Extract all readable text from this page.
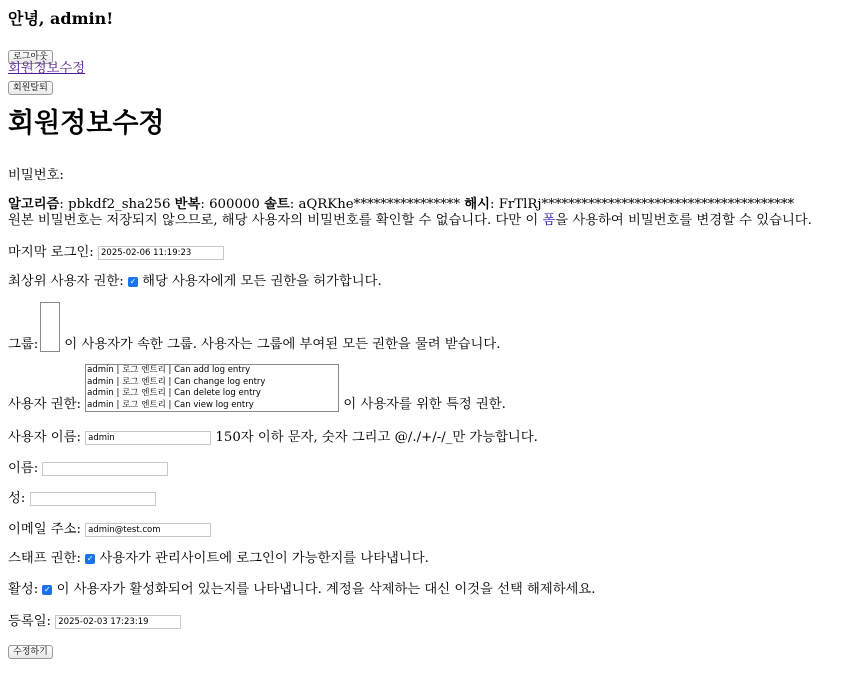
안녕, admin!
로그아웃
회원정보수정
회원탈퇴
회원정보수정
비밀번호:
알고리즘: pbkdf2_sha256 반복: 600000 솔트: aQRKhe**************** 해시: FrTlRj**************************************
원본 비밀번호는 저장되지 않으므로, 해당 사용자의 비밀번호를 확인할 수 없습니다. 다만 이 폼을 사용하여 비밀번호를 변경할 수 있습니다.
마지막 로그인: 2025-02-06 11:19:23
최상위 사용자 권한: ✓ 해당 사용자에게 모든 권한을 허가합니다.
그룹: 이 사용자가 속한 그룹. 사용자는 그룹에 부여된 모든 권한을 물려 받습니다.
사용자 권한:
admin | 로그 엔트리 | Can add log entry
admin | 로그 엔트리 | Can change log entry
admin | 로그 엔트리 | Can delete log entry
admin | 로그 엔트리 | Can view log entry	이 사용자를 위한 특정 권한.
사용자 이름: admin	150자 이하 문자, 숫자 그리고 @/./+/-/_만 가능합니다.
이름:
성:
이메일 주소: admin@test.com
스태프 권한: ✓ 사용자가 관리사이트에 로그인이 가능한지를 나타냅니다.
활성: ✓ 이 사용자가 활성화되어 있는지를 나타냅니다. 계정을 삭제하는 대신 이것을 선택 해제하세요.
등록일: 2025-02-03 17:23:19
수정하기
